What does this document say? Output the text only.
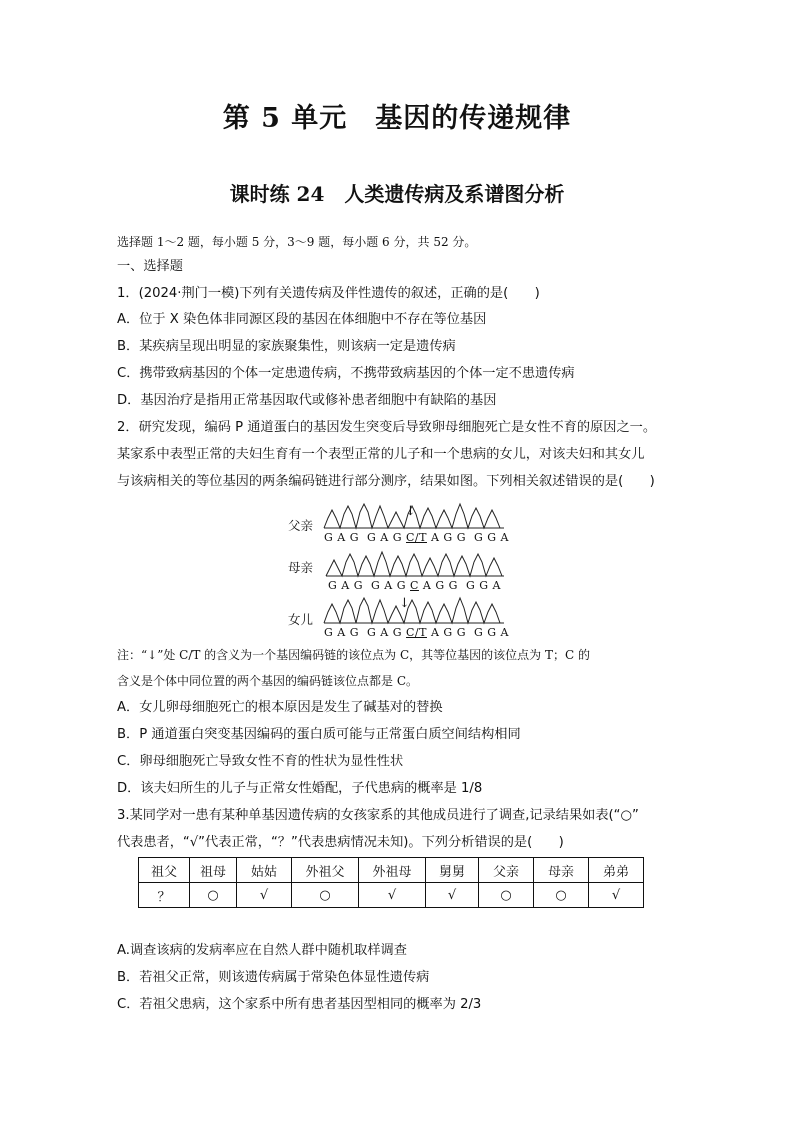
第 5 单元　基因的传递规律
课时练 24　人类遗传病及系谱图分析
选择题 1～2 题，每小题 5 分，3～9 题，每小题 6 分，共 52 分。
一、选择题
1．(2024·荆门一模)下列有关遗传病及伴性遗传的叙述，正确的是(　　)
A．位于 X 染色体非同源区段的基因在体细胞中不存在等位基因
B．某疾病呈现出明显的家族聚集性，则该病一定是遗传病
C．携带致病基因的个体一定患遗传病，不携带致病基因的个体一定不患遗传病
D．基因治疗是指用正常基因取代或修补患者细胞中有缺陷的基因
2．研究发现，编码 P 通道蛋白的基因发生突变后导致卵母细胞死亡是女性不育的原因之一。
某家系中表型正常的夫妇生育有一个表型正常的儿子和一个患病的女儿，对该夫妇和其女儿
与该病相关的等位基因的两条编码链进行部分测序，结果如图。下列相关叙述错误的是(　　)
父亲
↓
G A G  G A G C/T A G G  G G A
母亲
G A G  G A G C A G G  G G A
女儿
↓
G A G  G A G C/T A G G  G G A
注：“↓”处 C/T 的含义为一个基因编码链的该位点为 C，其等位基因的该位点为 T；C 的
含义是个体中同位置的两个基因的编码链该位点都是 C。
A．女儿卵母细胞死亡的根本原因是发生了碱基对的替换
B．P 通道蛋白突变基因编码的蛋白质可能与正常蛋白质空间结构相同
C．卵母细胞死亡导致女性不育的性状为显性性状
D．该夫妇所生的儿子与正常女性婚配，子代患病的概率是 1/8
3.某同学对一患有某种单基因遗传病的女孩家系的其他成员进行了调查,记录结果如表(“○”
代表患者，“√”代表正常，“？”代表患病情况未知)。下列分析错误的是(　　)
祖父	祖母	姑姑	外祖父	外祖母	舅舅	父亲	母亲	弟弟
？	○	√	○	√	√	○	○	√
A.调查该病的发病率应在自然人群中随机取样调查
B．若祖父正常，则该遗传病属于常染色体显性遗传病
C．若祖父患病，这个家系中所有患者基因型相同的概率为 2/3
